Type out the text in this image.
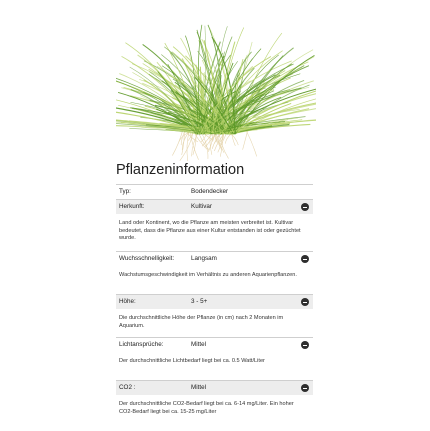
Pflanzeninformation
Typ:	Bodendecker
Herkunft:	Kultivar
Land oder Kontinent, wo die Pflanze am meisten verbreitet ist. Kultivar bedeutet, dass die Pflanze aus einer Kultur entstanden ist oder gezüchtet wurde.
Wuchsschnelligkeit:	Langsam
Wachstumsgeschwindigkeit im Verhältnis zu anderen Aquarienpflanzen.
Höhe:	3 - 5+
Die durchschnittliche Höhe der Pflanze (in cm) nach 2 Monaten im Aquarium.
Lichtansprüche:	Mittel
Der durchschnittliche Lichtbedarf liegt bei ca. 0.5 Watt/Liter
CO2 :	Mittel
Der durchschnittliche CO2-Bedarf liegt bei ca. 6-14 mg/Liter. Ein hoher CO2-Bedarf liegt bei ca. 15-25 mg/Liter
